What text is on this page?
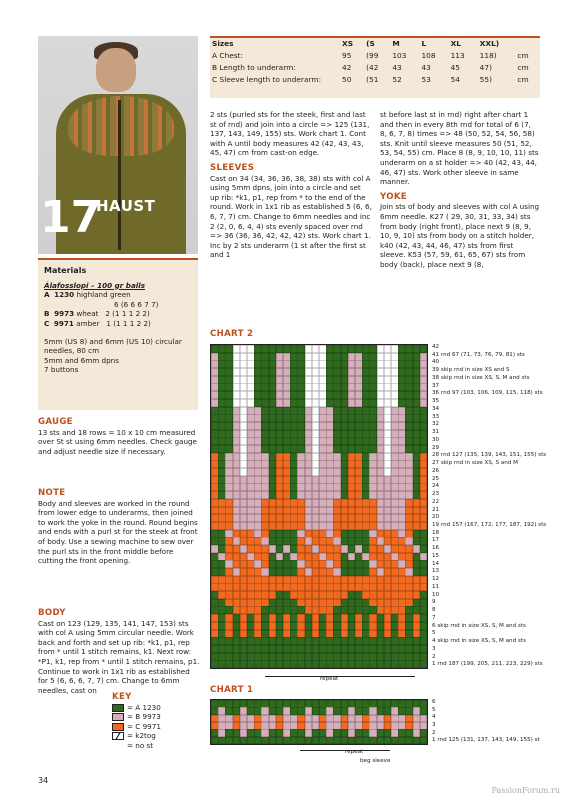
17
HAUST
Sizes	XS	(S	M	L	XL	XXL)	
A Chest:	95	(99	103	108	113	118)	cm
B Length to underarm:	42	(42	43	43	45	47)	cm
C Sleeve length to underarm:	50	(51	52	53	54	55)	cm
Materials
Álafosslopi – 100 gr balls
A 1230 highland green
6 (6 6 6 7 7)
B 9973 wheat 2 (1 1 1 2 2)
C 9971 amber 1 (1 1 1 2 2)
5mm (US 8) and 6mm (US 10) circular needles, 80 cm
5mm and 6mm dpns
7 buttons
GAUGE

13 sts and 18 rows = 10 x 10 cm measured over St st using 6mm needles. Check gauge and adjust needle size if necessary.

NOTE

Body and sleeves are worked in the round from lower edge to underarms, then joined to work the yoke in the round. Round begins and ends with a purl st for the steek at front of body. Use a sewing machine to sew over the purl sts in the front middle before cutting the front opening.

BODY

Cast on 123 (129, 135, 141, 147, 153) sts with col A using 5mm circular needle. Work back and forth and set up rib: *k1, p1, rep from * until 1 stitch remains, k1. Next row: *P1, k1, rep from * until 1 stitch remains, p1. Continue to work in 1x1 rib as established for 5 (6, 6, 6, 7, 7) cm. Change to 6mm needles, cast on

KEY
= A 1230
= B 9973
= C 9971
= k2tog
= no st

2 sts (purled sts for the steek, first and last st of rnd) and join into a circle => 125 (131, 137, 143, 149, 155) sts. Work chart 1. Cont with A until body measures 42 (42, 43, 43, 45, 47) cm from cast-on edge.

SLEEVES

Cast on 34 (34, 36, 36, 38, 38) sts with col A using 5mm dpns, join into a circle and set up rib: *k1, p1, rep from * to the end of the round. Work in 1x1 rib as established 5 (6, 6, 6, 7, 7) cm. Change to 6mm needles and inc 2 (2, 0, 6, 4, 4) sts evenly spaced over rnd => 36 (36, 36, 42, 42, 42) sts. Work chart 1. Inc by 2 sts underarm (1 st after the first st and 1

st before last st in rnd) right after chart 1 and then in every 8th rnd for total of 6 (7, 8, 6, 7, 8) times => 48 (50, 52, 54, 56, 58) sts. Knit until sleeve measures 50 (51, 52, 53, 54, 55) cm. Place 8 (8, 9, 10, 10, 11) sts underarm on a st holder => 40 (42, 43, 44, 46, 47) sts. Work other sleeve in same manner.

YOKE

Join sts of body and sleeves with col A using 6mm needle. K27 ( 29, 30, 31, 33, 34) sts from body (right front), place next 9 (8, 9, 10, 9, 10) sts from body on a stitch holder, k40 (42, 43, 44, 46, 47) sts from first sleeve. K53 (57, 59, 61, 65, 67) sts from body (back), place next 9 (8,

CHART 2
42
41 rnd 67 (71, 73, 76, 79, 81) sts
40
39 skip rnd in size XS and S
38 skip rnd in size XS, S, M and sts
37
36 rnd 97 (103, 106, 109, 115, 118) sts
35
34
33
32
31
30
29
28 rnd 127 (135, 139, 143, 151, 155) sts
27 skip rnd in size XS, S and M
26
25
24
23
22
21
20
19 rnd 157 (167, 172, 177, 187, 192) sts
18
17
16
15
14
13
12
11
10
9
8
7
6 skip rnd in size XS, S, M and sts
5
4 skip rnd in size XS, S, M and sts
3
2
1 rnd 187 (199, 205, 211, 223, 229) sts
repeat
CHART 1
6
5
4
3
2
1 rnd 125 (131, 137, 143, 149, 155) st
repeat
beg sleeve
34
PassionForum.ru
